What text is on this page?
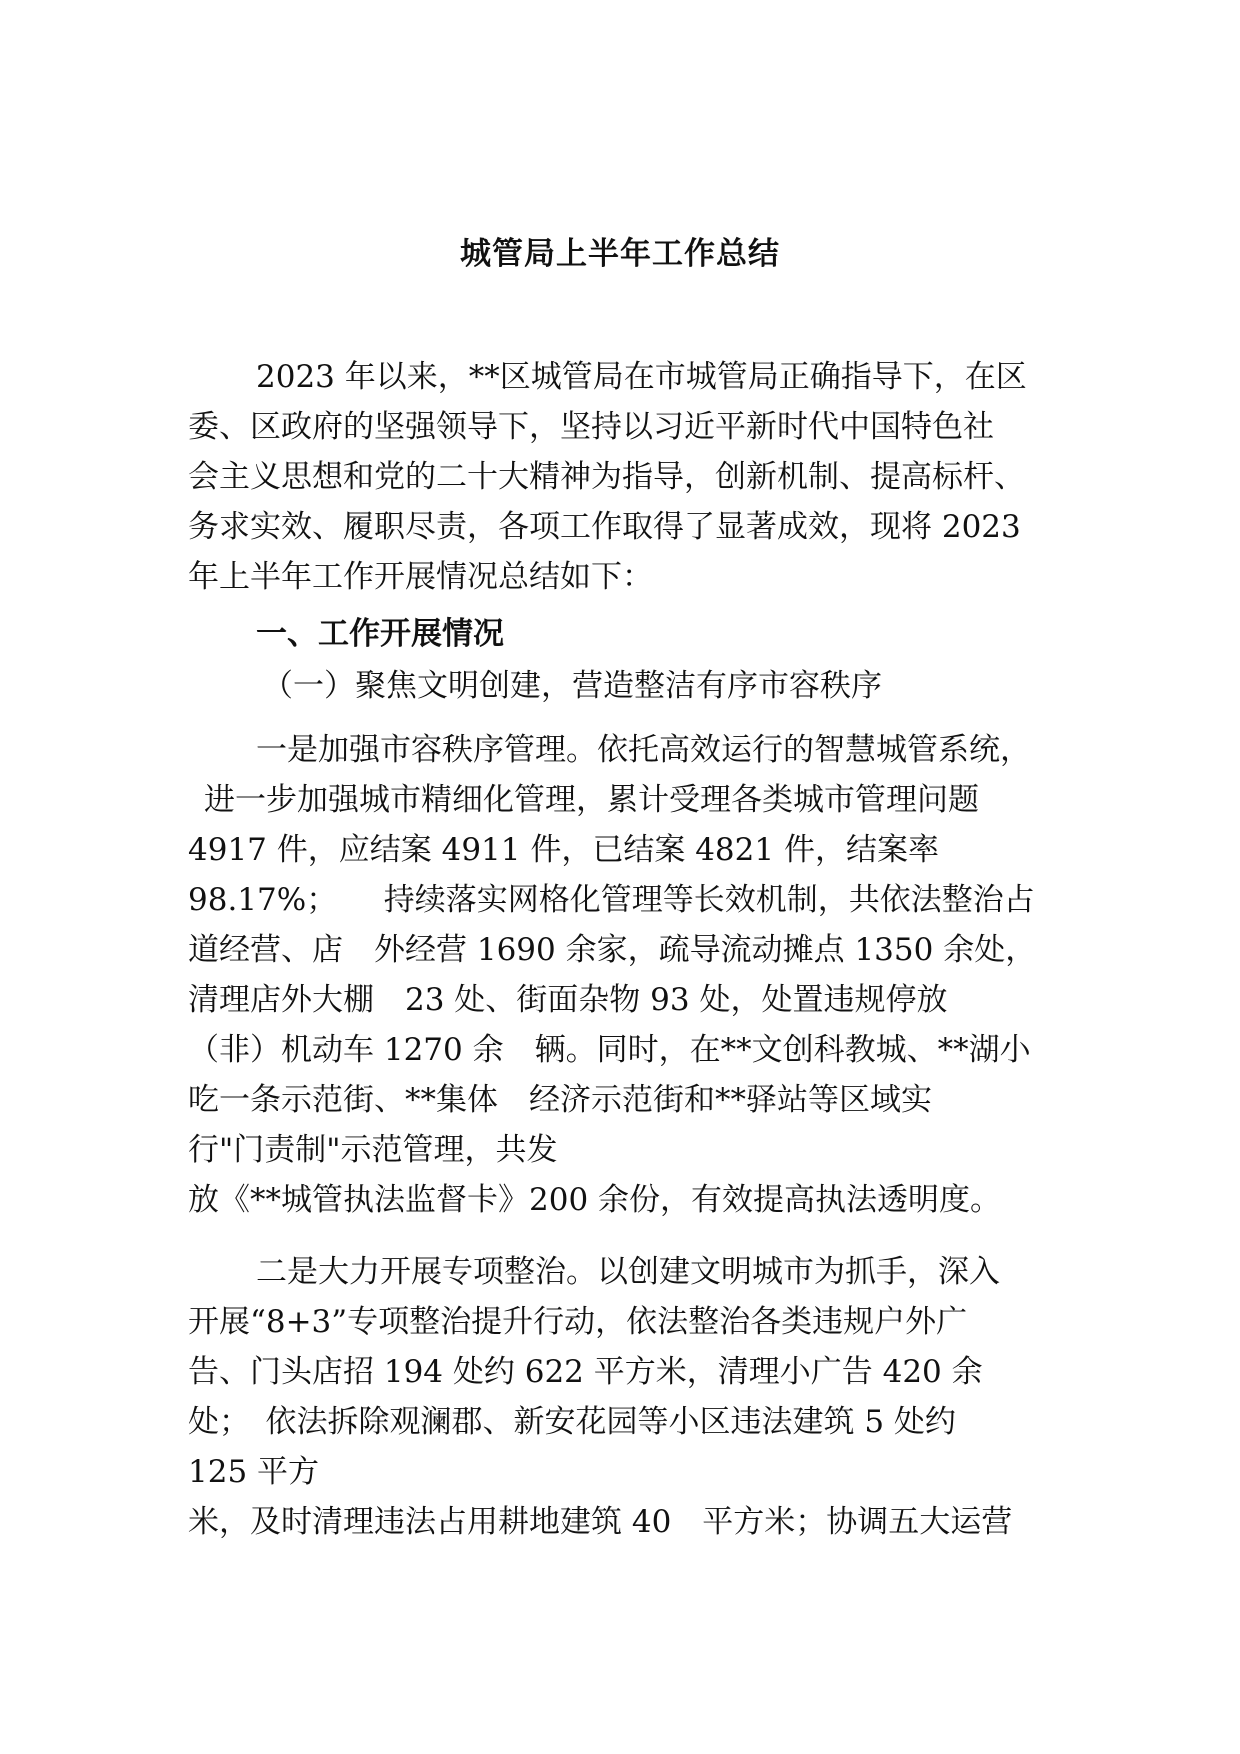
城管局上半年工作总结
2023 年以来，**区城管局在市城管局正确指导下，在区
委、区政府的坚强领导下，坚持以习近平新时代中国特色社
会主义思想和党的二十大精神为指导，创新机制、提高标杆、
务求实效、履职尽责，各项工作取得了显著成效，现将 2023
年上半年工作开展情况总结如下：
一、工作开展情况
（一）聚焦文明创建，营造整洁有序市容秩序
一是加强市容秩序管理。依托高效运行的智慧城管系统，
进一步加强城市精细化管理，累计受理各类城市管理问题
4917 件，应结案 4911 件，已结案 4821 件，结案率
98.17%；　　持续落实网格化管理等长效机制，共依法整治占
道经营、店　外经营 1690 余家，疏导流动摊点 1350 余处，
清理店外大棚　23 处、街面杂物 93 处，处置违规停放
（非）机动车 1270 余　辆。同时，在**文创科教城、**湖小
吃一条示范街、**集体　经济示范街和**驿站等区域实
行"门责制"示范管理，共发
放《**城管执法监督卡》200 余份，有效提高执法透明度。
二是大力开展专项整治。以创建文明城市为抓手，深入
开展“8+3”专项整治提升行动，依法整治各类违规户外广
告、门头店招 194 处约 622 平方米，清理小广告 420 余
处；　依法拆除观澜郡、新安花园等小区违法建筑 5 处约
125 平方
米，及时清理违法占用耕地建筑 40　平方米；协调五大运营
